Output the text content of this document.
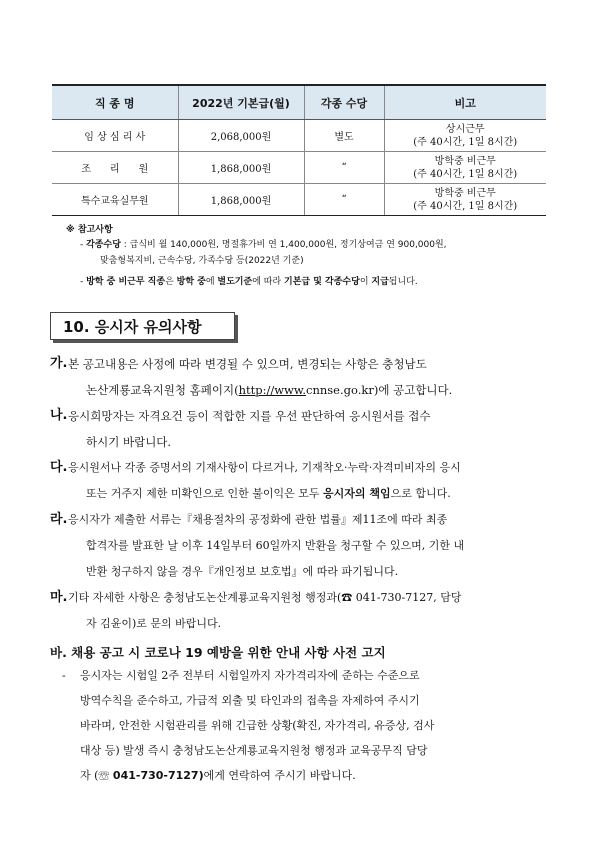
직 종 명	2022년 기본급(월)	각종 수당	비고
임 상 심 리 사	2,068,000원	별도	상시근무
(주 40시간, 1일 8시간)

조      리      원	1,868,000원	“	방학중 비근무
(주 40시간, 1일 8시간)

특수교육실무원	1,868,000원	“	방학중 비근무
(주 40시간, 1일 8시간)
※ 참고사항
- 각종수당 : 급식비 월 140,000원, 명절휴가비 연 1,400,000원, 정기상여금 연 900,000원,
맞춤형복지비, 근속수당, 가족수당 등(2022년 기준)
- 방학 중 비근무 직종은 방학 중에 별도기준에 따라 기본급 및 각종수당이 지급됩니다.
10. 응시자 유의사항
가. 본 공고내용은 사정에 따라 변경될 수 있으며, 변경되는 사항은 충청남도

논산계룡교육지원청 홈페이지(http://www.cnnse.go.kr)에 공고합니다.
나. 응시희망자는 자격요건 등이 적합한 지를 우선 판단하여 응시원서를 접수

하시기 바랍니다.
다. 응시원서나 각종 증명서의 기재사항이 다르거나, 기재착오·누락·자격미비자의 응시

또는 거주지 제한 미확인으로 인한 불이익은 모두 응시자의 책임으로 합니다.
라. 응시자가 제출한 서류는『채용절차의 공정화에 관한 법률』제11조에 따라 최종

합격자를 발표한 날 이후 14일부터 60일까지 반환을 청구할 수 있으며, 기한 내
반환 청구하지 않을 경우『개인정보 보호법』에 따라 파기됩니다.
마. 기타 자세한 사항은 충청남도논산계룡교육지원청 행정과(☎ 041-730-7127, 담당

자 김윤이)로 문의 바랍니다.
바. 채용 공고 시 코로나 19 예방을 위한 안내 사항 사전 고지
- 응시자는 시험일 2주 전부터 시험일까지 자가격리자에 준하는 수준으로
방역수칙을 준수하고, 가급적 외출 및 타인과의 접촉을 자제하여 주시기
바라며, 안전한 시험관리를 위해 긴급한 상황(확진, 자가격리, 유증상, 검사
대상 등) 발생 즉시 충청남도논산계룡교육지원청 행정과 교육공무직 담당
자 (☏ 041-730-7127)에게 연락하여 주시기 바랍니다.
